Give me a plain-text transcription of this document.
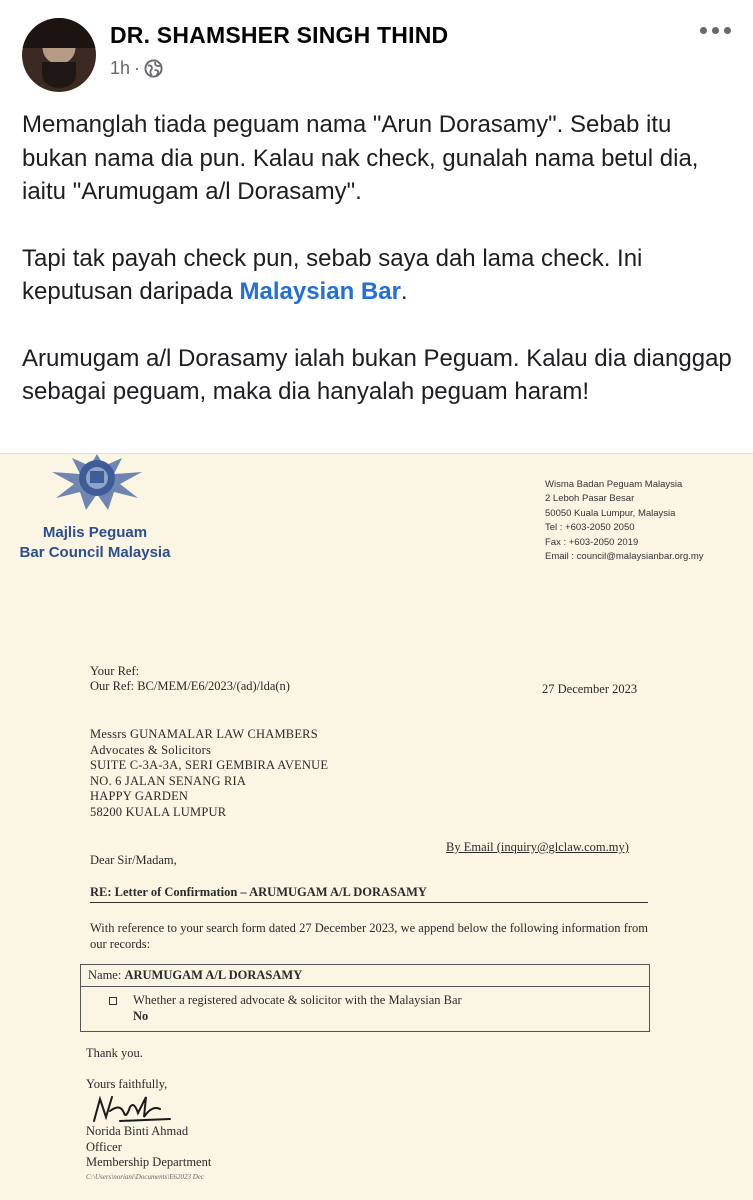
DR. SHAMSHER SINGH THIND
1h ·

Memanglah tiada peguam nama "Arun Dorasamy". Sebab itu bukan nama dia pun. Kalau nak check, gunalah nama betul dia, iaitu "Arumugam a/l Dorasamy".

Tapi tak payah check pun, sebab saya dah lama check. Ini keputusan daripada Malaysian Bar.

Arumugam a/l Dorasamy ialah bukan Peguam. Kalau dia dianggap sebagai peguam, maka dia hanyalah peguam haram!

Majlis Peguam
Bar Council Malaysia
Wisma Badan Peguam Malaysia
2 Leboh Pasar Besar
50050 Kuala Lumpur, Malaysia
Tel : +603-2050 2050
Fax : +603-2050 2019
Email : council@malaysianbar.org.my
Your Ref:
Our Ref: BC/MEM/E6/2023/(ad)/lda(n)	27 December 2023
Messrs GUNAMALAR LAW CHAMBERS
Advocates & Solicitors
SUITE C-3A-3A, SERI GEMBIRA AVENUE
NO. 6 JALAN SENANG RIA
HAPPY GARDEN
58200 KUALA LUMPUR
By Email (inquiry@glclaw.com.my)
Dear Sir/Madam,
RE: Letter of Confirmation – ARUMUGAM A/L DORASAMY
With reference to your search form dated 27 December 2023, we append below the following information from our records:
Name: ARUMUGAM A/L DORASAMY
Whether a registered advocate & solicitor with the Malaysian Bar
No
Thank you.
Yours faithfully,
Norida Binti Ahmad
Officer
Membership Department
C:\Users\noriani\Documents\E62023 Dec
